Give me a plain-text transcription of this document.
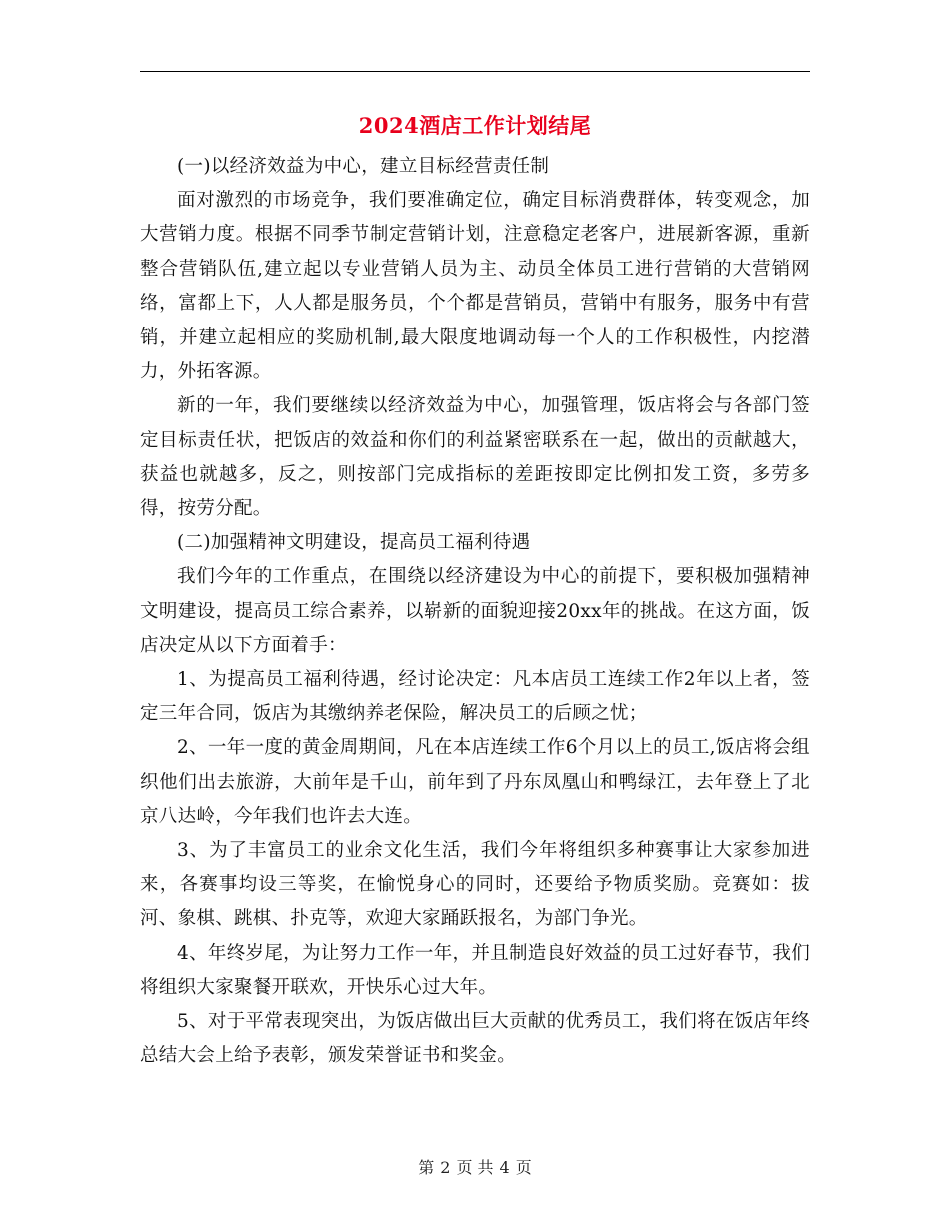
2024酒店工作计划结尾

(一)以经济效益为中心，建立目标经营责任制

面对激烈的市场竞争，我们要准确定位，确定目标消费群体，转变观念，加大营销力度。根据不同季节制定营销计划，注意稳定老客户，进展新客源，重新整合营销队伍,建立起以专业营销人员为主、动员全体员工进行营销的大营销网络，富都上下，人人都是服务员，个个都是营销员，营销中有服务，服务中有营销，并建立起相应的奖励机制,最大限度地调动每一个人的工作积极性，内挖潜力，外拓客源。

新的一年，我们要继续以经济效益为中心，加强管理，饭店将会与各部门签定目标责任状，把饭店的效益和你们的利益紧密联系在一起，做出的贡献越大，获益也就越多，反之，则按部门完成指标的差距按即定比例扣发工资，多劳多得，按劳分配。

(二)加强精神文明建设，提高员工福利待遇

我们今年的工作重点，在围绕以经济建设为中心的前提下，要积极加强精神文明建设，提高员工综合素养，以崭新的面貌迎接20xx年的挑战。在这方面，饭店决定从以下方面着手：

1、为提高员工福利待遇，经讨论决定：凡本店员工连续工作2年以上者，签定三年合同，饭店为其缴纳养老保险，解决员工的后顾之忧；

2、一年一度的黄金周期间，凡在本店连续工作6个月以上的员工,饭店将会组织他们出去旅游，大前年是千山，前年到了丹东凤凰山和鸭绿江，去年登上了北京八达岭，今年我们也许去大连。

3、为了丰富员工的业余文化生活，我们今年将组织多种赛事让大家参加进来，各赛事均设三等奖，在愉悦身心的同时，还要给予物质奖励。竞赛如：拔河、象棋、跳棋、扑克等，欢迎大家踊跃报名，为部门争光。

4、年终岁尾，为让努力工作一年，并且制造良好效益的员工过好春节，我们将组织大家聚餐开联欢，开快乐心过大年。

5、对于平常表现突出，为饭店做出巨大贡献的优秀员工，我们将在饭店年终总结大会上给予表彰，颁发荣誉证书和奖金。

第 2 页 共 4 页
